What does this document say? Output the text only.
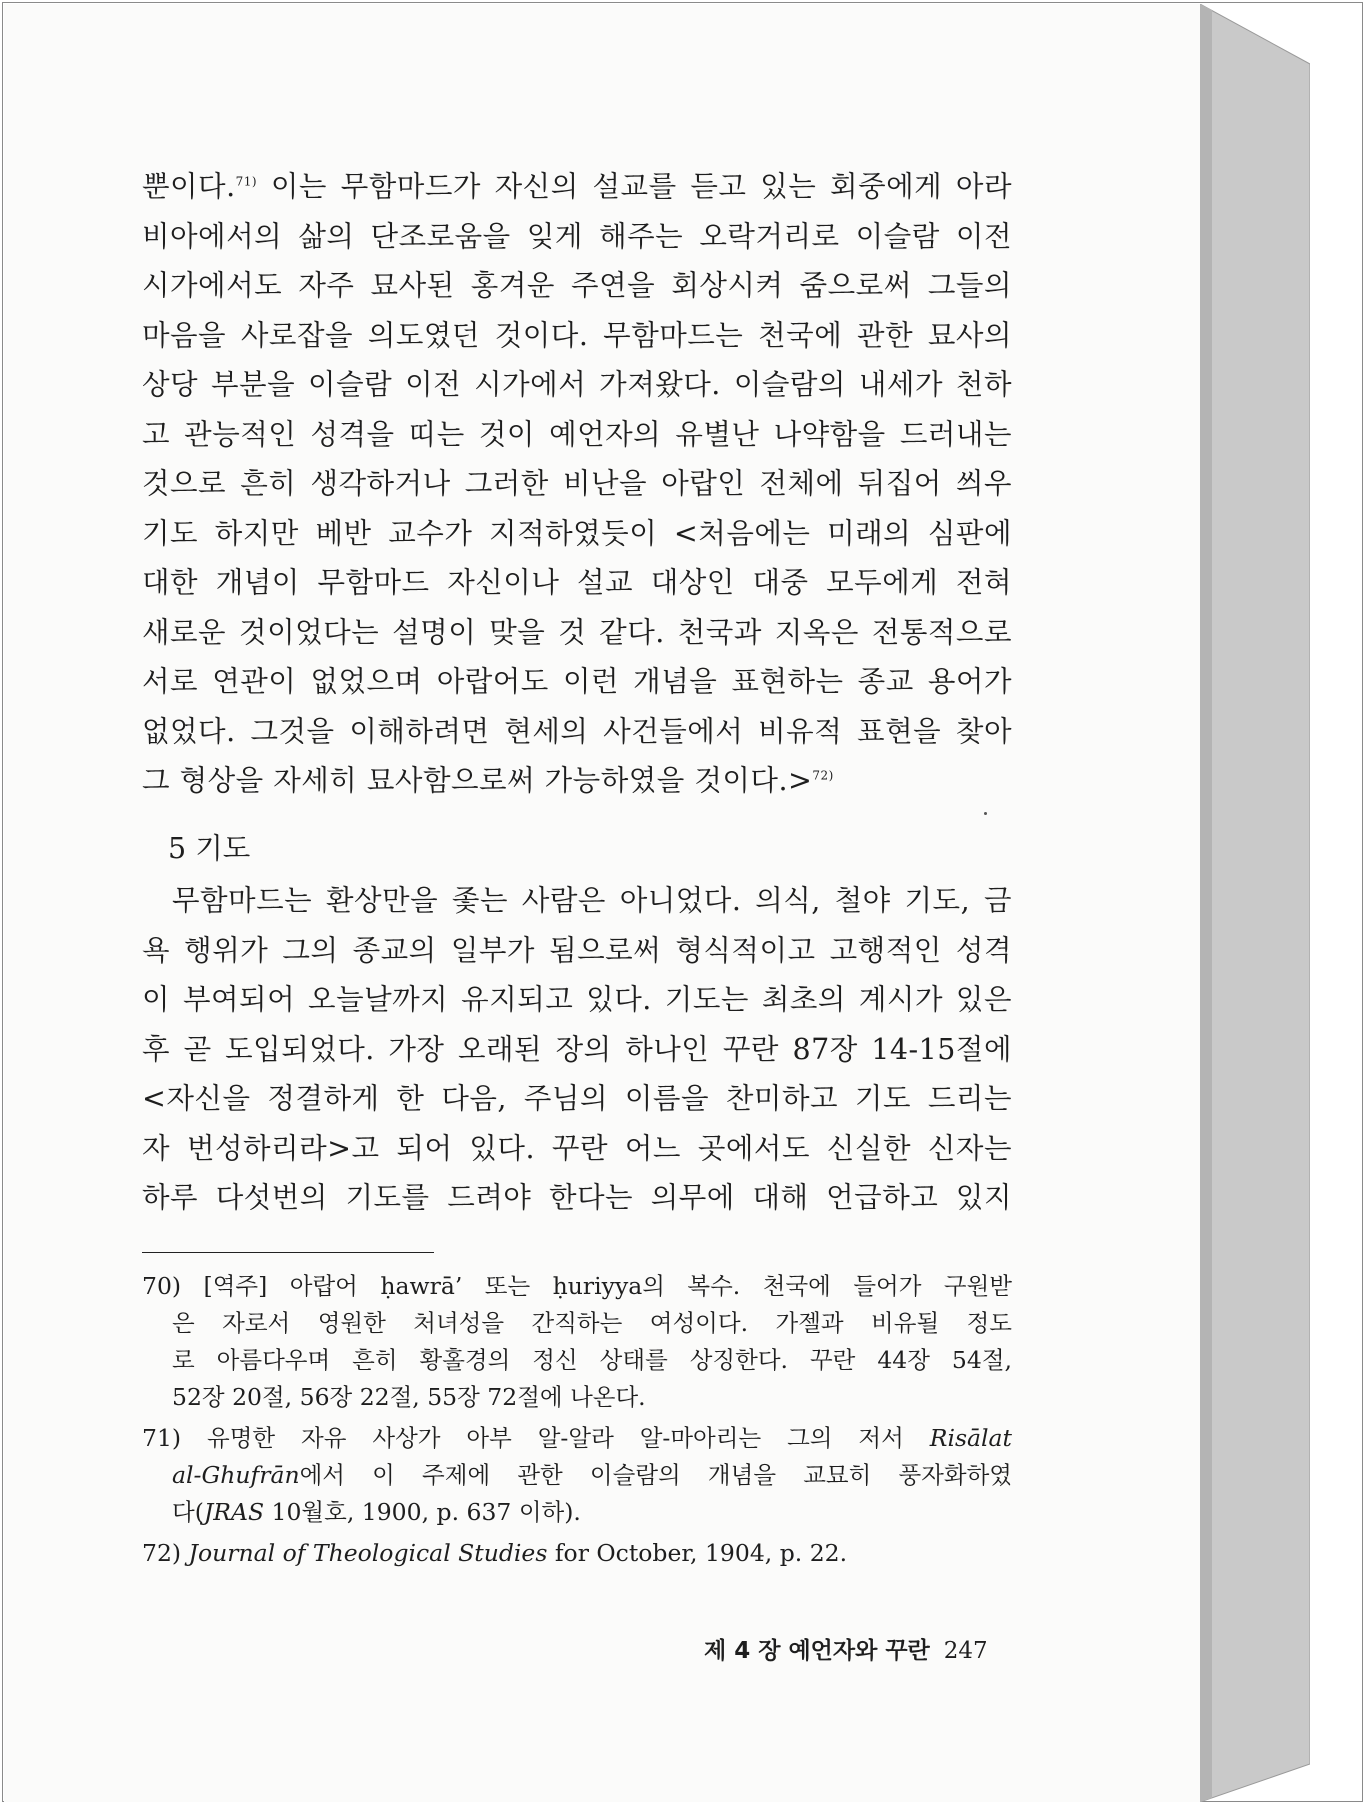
뿐이다.$^{71)}$ 이는 무함마드가 자신의 설교를 듣고 있는 회중에게 아라
비아에서의 삶의 단조로움을 잊게 해주는 오락거리로 이슬람 이전
시가에서도 자주 묘사된 홍겨운 주연을 회상시켜 줌으로써 그들의
마음을 사로잡을 의도였던 것이다. 무함마드는 천국에 관한 묘사의
상당 부분을 이슬람 이전 시가에서 가져왔다. 이슬람의 내세가 천하
고 관능적인 성격을 띠는 것이 예언자의 유별난 나약함을 드러내는
것으로 흔히 생각하거나 그러한 비난을 아랍인 전체에 뒤집어 씌우
기도 하지만 베반 교수가 지적하였듯이 <처음에는 미래의 심판에
대한 개념이 무함마드 자신이나 설교 대상인 대중 모두에게 전혀
새로운 것이었다는 설명이 맞을 것 같다. 천국과 지옥은 전통적으로
서로 연관이 없었으며 아랍어도 이런 개념을 표현하는 종교 용어가
없었다. 그것을 이해하려면 현세의 사건들에서 비유적 표현을 찾아
그 형상을 자세히 묘사함으로써 가능하였을 것이다.>$^{72)}$
5 기도
무함마드는 환상만을 좇는 사람은 아니었다. 의식, 철야 기도, 금
욕 행위가 그의 종교의 일부가 됨으로써 형식적이고 고행적인 성격
이 부여되어 오늘날까지 유지되고 있다. 기도는 최초의 계시가 있은
후 곧 도입되었다. 가장 오래된 장의 하나인 꾸란 87장 14-15절에
<자신을 정결하게 한 다음, 주님의 이름을 찬미하고 기도 드리는
자 번성하리라>고 되어 있다. 꾸란 어느 곳에서도 신실한 신자는
하루 다섯번의 기도를 드려야 한다는 의무에 대해 언급하고 있지
70) [역주] 아랍어 ḥawrā’ 또는 ḥuriyya의 복수. 천국에 들어가 구원받
은 자로서 영원한 처녀성을 간직하는 여성이다. 가젤과 비유될 정도
로 아름다우며 흔히 황홀경의 정신 상태를 상징한다. 꾸란 44장 54절,
52장 20절, 56장 22절, 55장 72절에 나온다.
71) 유명한 자유 사상가 아부 알-알라 알-마아리는 그의 저서 Risālat
al-Ghufrān에서 이 주제에 관한 이슬람의 개념을 교묘히 풍자화하였
다(JRAS 10월호, 1900, p. 637 이하).
72) Journal of Theological Studies for October, 1904, p. 22.
제 4 장 예언자와 꾸란 247
